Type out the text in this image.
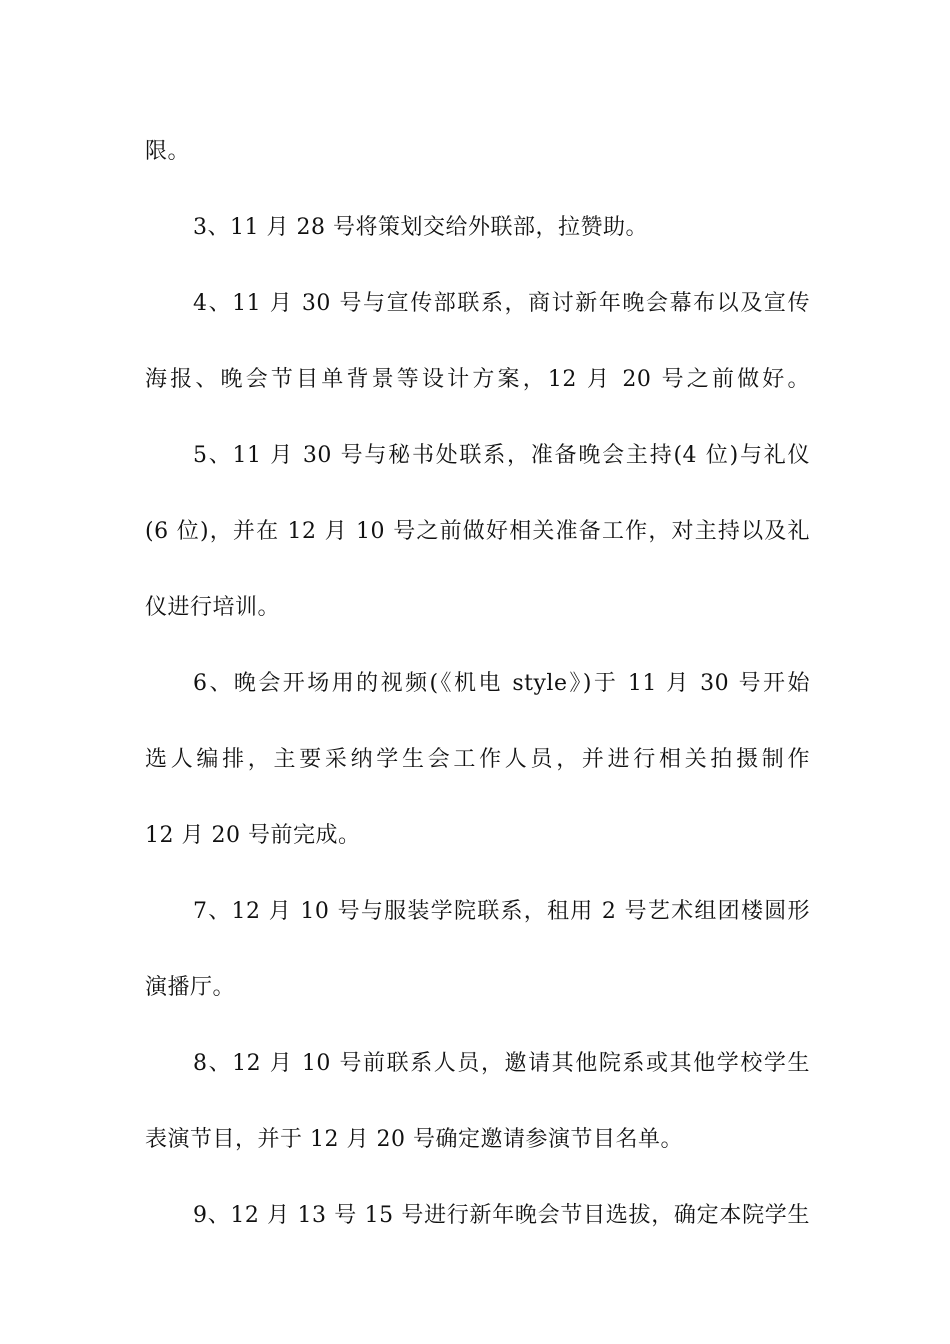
限。
3、11 月 28 号将策划交给外联部，拉赞助。
4、11 月 30 号与宣传部联系，商讨新年晚会幕布以及宣传
海报、晚会节目单背景等设计方案，12 月 20 号之前做好。
5、11 月 30 号与秘书处联系，准备晚会主持(4 位)与礼仪
(6 位)，并在 12 月 10 号之前做好相关准备工作，对主持以及礼
仪进行培训。
6、晚会开场用的视频(《机电 style》)于 11 月 30 号开始
选人编排，主要采纳学生会工作人员，并进行相关拍摄制作
12 月 20 号前完成。
7、12 月 10 号与服装学院联系，租用 2 号艺术组团楼圆形
演播厅。
8、12 月 10 号前联系人员，邀请其他院系或其他学校学生
表演节目，并于 12 月 20 号确定邀请参演节目名单。
9、12 月 13 号 15 号进行新年晚会节目选拔，确定本院学生
